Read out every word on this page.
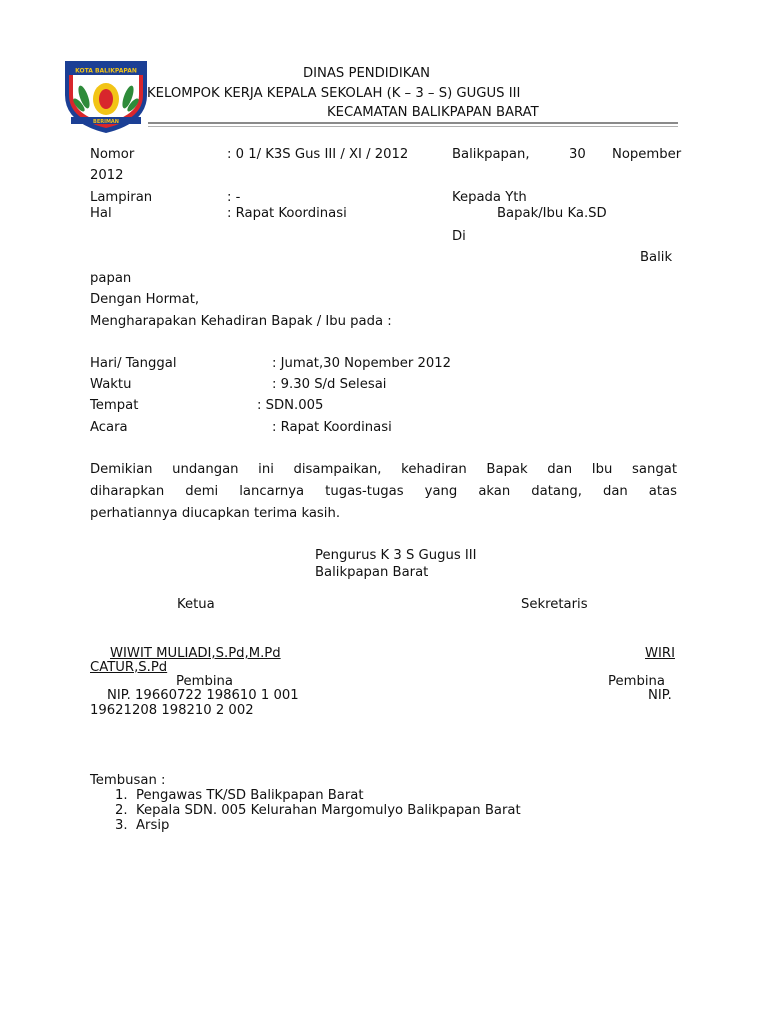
KOTA BALIKPAPAN
BERIMAN
DINAS PENDIDIKAN
KELOMPOK KERJA KEPALA SEKOLAH (K – 3 – S) GUGUS III
KECAMATAN BALIKPAPAN BARAT
Nomor	: 0 1/ K3S Gus III / XI / 2012	Balikpapan,	30 Nopember
2012
Lampiran	: -	Kepada Yth
Hal	: Rapat Koordinasi	Bapak/Ibu Ka.SD
Di
Balik
papan
Dengan Hormat,
Mengharapakan Kehadiran Bapak / Ibu pada :
Hari/ Tanggal	: Jumat,30 Nopember 2012
Waktu	: 9.30 S/d Selesai
Tempat	: SDN.005
Acara	: Rapat Koordinasi
Demikian undangan ini disampaikan, kehadiran Bapak dan Ibu sangat
diharapkan demi lancarnya tugas-tugas yang akan datang, dan atas
perhatiannya diucapkan terima kasih.
Pengurus K 3 S Gugus III
Balikpapan Barat
Ketua	Sekretaris
WIWIT MULIADI,S.Pd,M.Pd	WIRI
CATUR,S.Pd
Pembina	Pembina
NIP. 19660722 198610 1 001	NIP.
19621208 198210 2 002
Tembusan :
1. Pengawas TK/SD Balikpapan Barat
2. Kepala SDN. 005 Kelurahan Margomulyo Balikpapan Barat
3. Arsip
